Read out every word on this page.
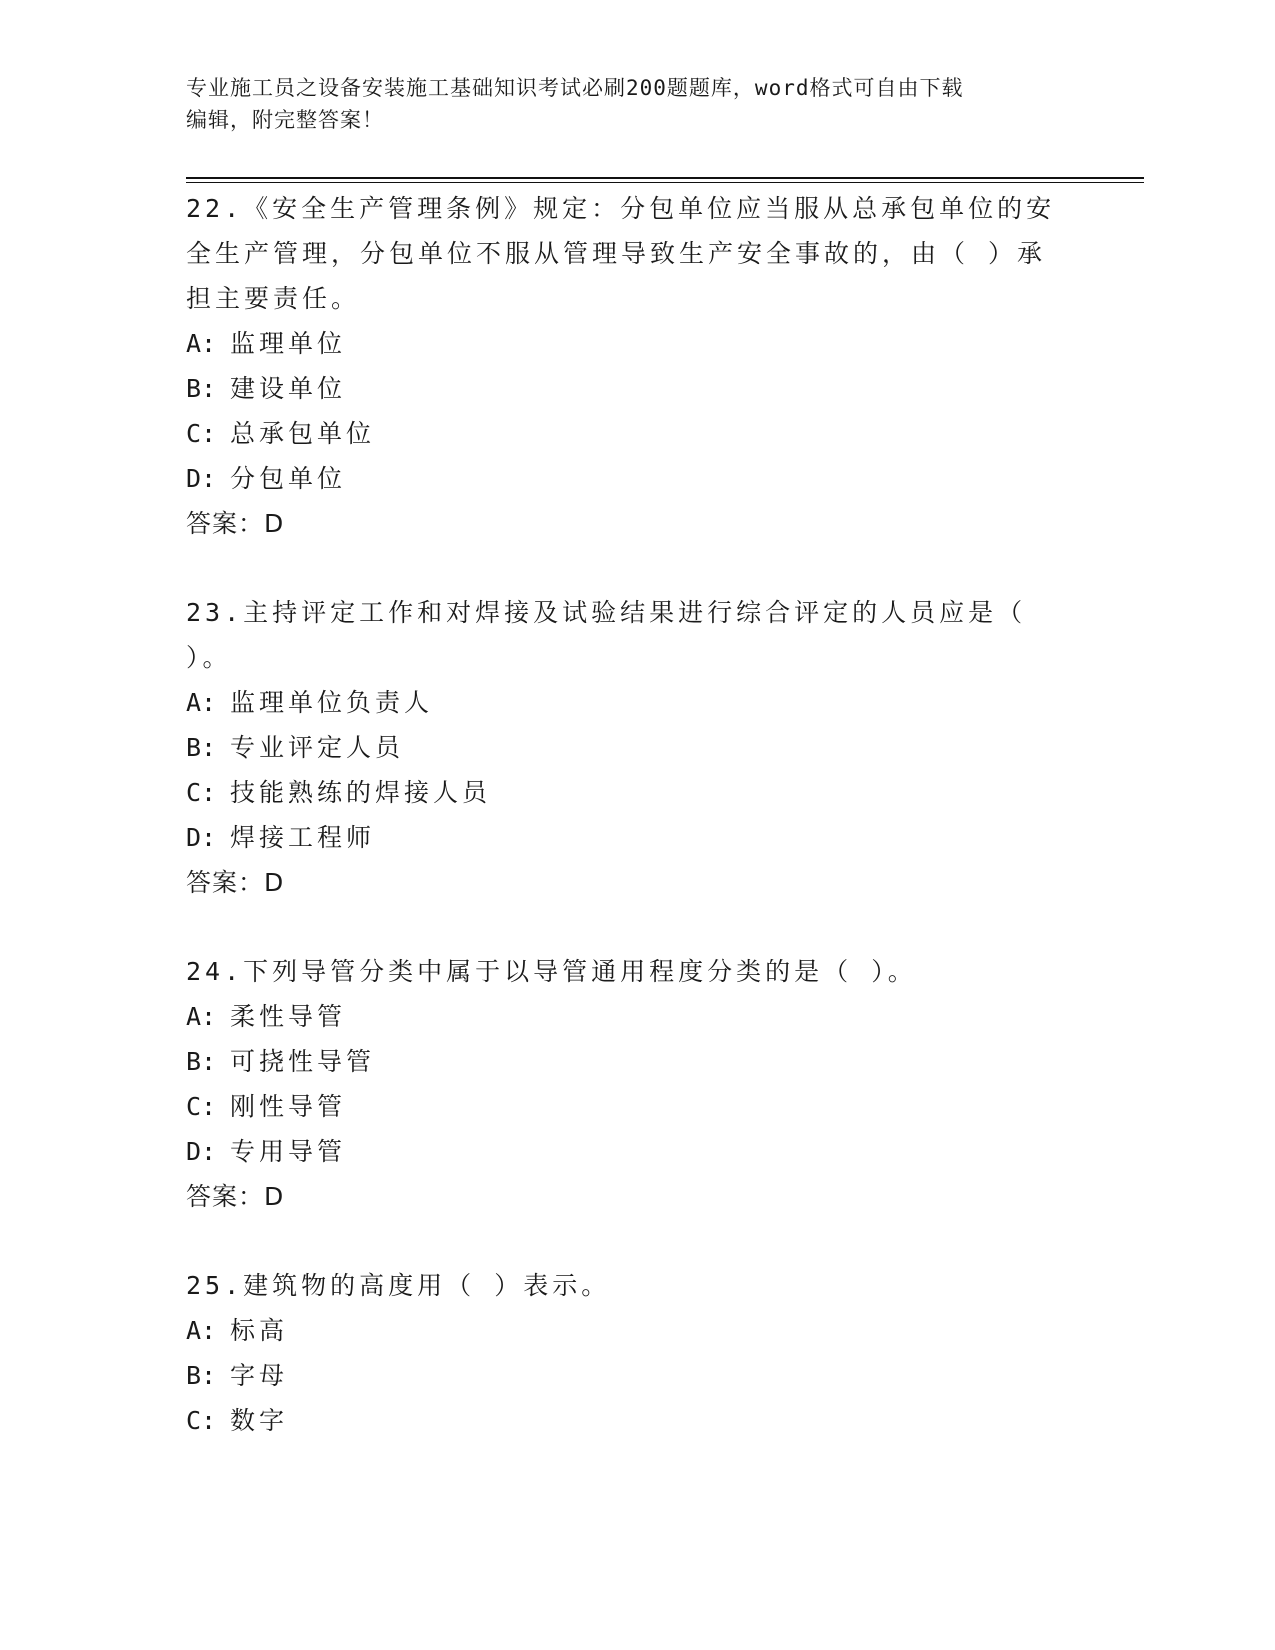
专业施工员之设备安装施工基础知识考试必刷200题题库，word格式可自由下载
编辑，附完整答案！

22.《安全生产管理条例》规定：分包单位应当服从总承包单位的安全生产管理，分包单位不服从管理导致生产安全事故的，由（ ）承担主要责任。

A: 监理单位

B: 建设单位

C: 总承包单位

D: 分包单位

答案：D

23.主持评定工作和对焊接及试验结果进行综合评定的人员应是（ ）。

A: 监理单位负责人

B: 专业评定人员

C: 技能熟练的焊接人员

D: 焊接工程师

答案：D

24.下列导管分类中属于以导管通用程度分类的是（ ）。

A: 柔性导管

B: 可挠性导管

C: 刚性导管

D: 专用导管

答案：D

25.建筑物的高度用（ ）表示。

A: 标高

B: 字母

C: 数字
